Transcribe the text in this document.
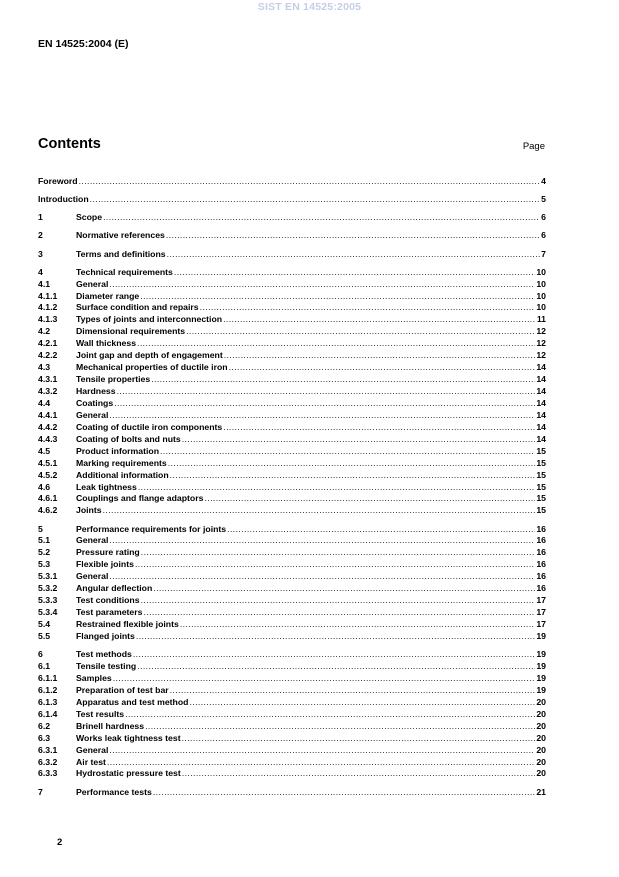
SIST EN 14525:2005
EN 14525:2004 (E)
Contents	Page
Foreword .....	4
Introduction .....	5
1	Scope .....	6
2	Normative references .....	6
3	Terms and definitions .....	7
4	Technical requirements .....	10
4.1	General .....	10
4.1.1	Diameter range .....	10
4.1.2	Surface condition and repairs .....	10
4.1.3	Types of joints and interconnection .....	11
4.2	Dimensional requirements .....	12
4.2.1	Wall thickness .....	12
4.2.2	Joint gap and depth of engagement .....	12
4.3	Mechanical properties of ductile iron .....	14
4.3.1	Tensile properties .....	14
4.3.2	Hardness .....	14
4.4	Coatings .....	14
4.4.1	General .....	14
4.4.2	Coating of ductile iron components .....	14
4.4.3	Coating of bolts and nuts .....	14
4.5	Product information .....	15
4.5.1	Marking requirements .....	15
4.5.2	Additional information .....	15
4.6	Leak tightness .....	15
4.6.1	Couplings and flange adaptors .....	15
4.6.2	Joints .....	15
5	Performance requirements for joints .....	16
5.1	General .....	16
5.2	Pressure rating .....	16
5.3	Flexible joints .....	16
5.3.1	General .....	16
5.3.2	Angular deflection .....	16
5.3.3	Test conditions .....	17
5.3.4	Test parameters .....	17
5.4	Restrained flexible joints .....	17
5.5	Flanged joints .....	19
6	Test methods .....	19
6.1	Tensile testing .....	19
6.1.1	Samples .....	19
6.1.2	Preparation of test bar .....	19
6.1.3	Apparatus and test method .....	20
6.1.4	Test results .....	20
6.2	Brinell hardness .....	20
6.3	Works leak tightness test .....	20
6.3.1	General .....	20
6.3.2	Air test .....	20
6.3.3	Hydrostatic pressure test .....	20
7	Performance tests .....	21
2
